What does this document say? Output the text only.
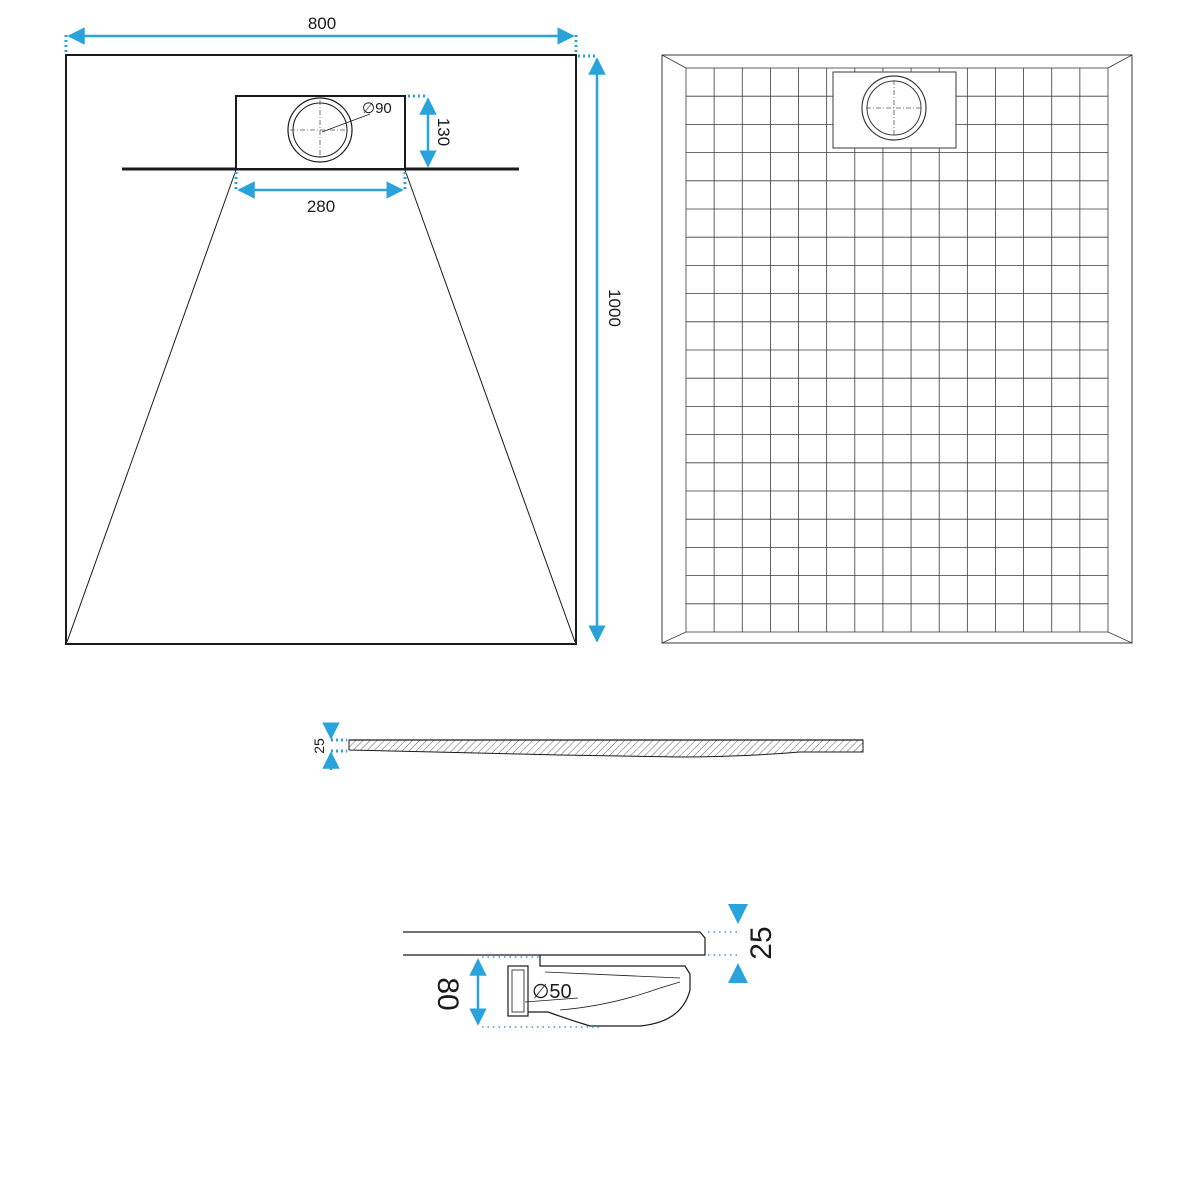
∅90
800
1000
130
280
25
∅50
25
80
